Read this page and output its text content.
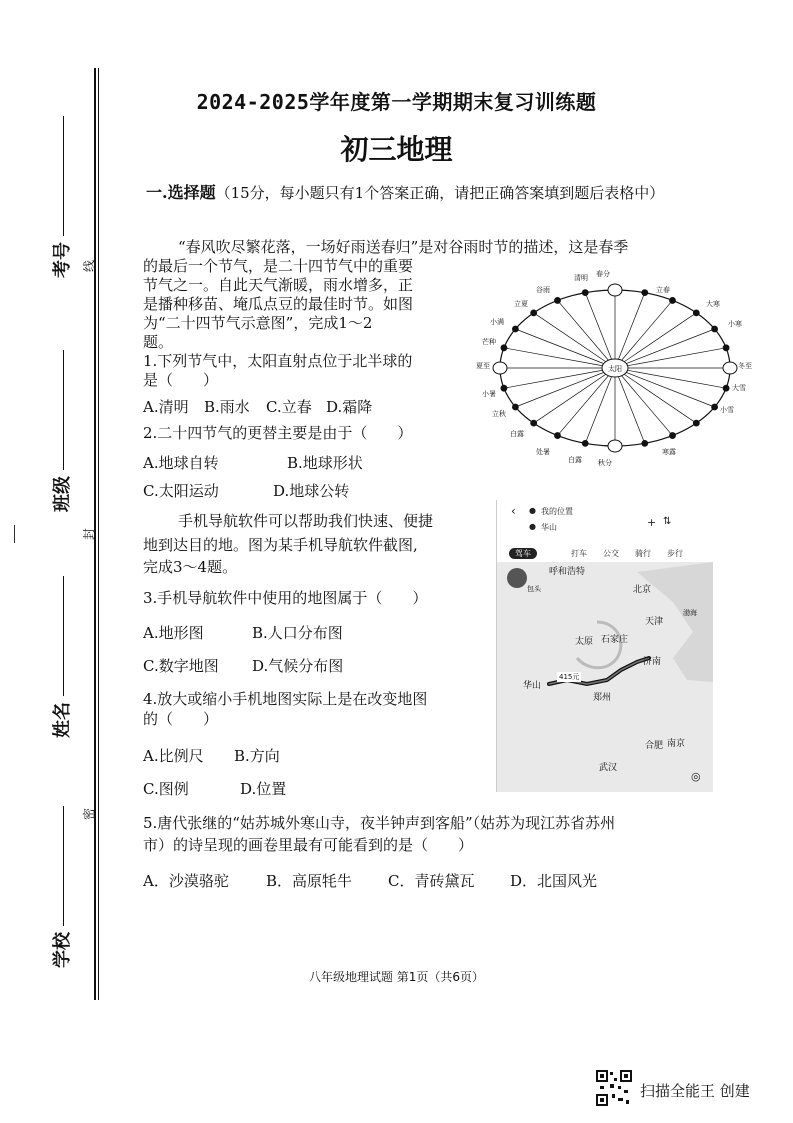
考号 线
班级
封
姓名
密
学校
2024-2025学年度第一学期期末复习训练题
初三地理
一.选择题（15分，每小题只有1个答案正确，请把正确答案填到题后表格中）
“春风吹尽繁花落，一场好雨送春归”是对谷雨时节的描述，这是春季
的最后一个节气，是二十四节气中的重要
节气之一。自此天气渐暖，雨水增多，正
是播种移苗、埯瓜点豆的最佳时节。如图
为“二十四节气示意图”，完成1～2
题。
1.下列节气中，太阳直射点位于北半球的
是（　　）
A.清明 B.雨水 C.立春 D.霜降
2.二十四节气的更替主要是由于（　　）
A.地球自转	B.地球形状
C.太阳运动	D.地球公转
手机导航软件可以帮助我们快速、便捷
地到达目的地。图为某手机导航软件截图,
完成3～4题。
3.手机导航软件中使用的地图属于（　　）
A.地形图	B.人口分布图
C.数字地图 D.气候分布图
4.放大或缩小手机地图实际上是在改变地图
的（　　）
A.比例尺 B.方向
C.图例	D.位置
5.唐代张继的“姑苏城外寒山寺，夜半钟声到客船”（姑苏为现江苏省苏州
市）的诗呈现的画卷里最有可能看到的是（　　）
A．沙漠骆驼 B．高原牦牛 C．青砖黛瓦 D．北国风光
太阳
清明 春分
谷雨
立夏
小满
芒种
夏至
小暑
立秋
白露
处暑
白露 秋分
寒露
立春
大寒
小寒
冬至
大雪
小雪
‹ ● 我的位置
● 华山	+ ⇅
驾车	打车 公交 骑行 步行
呼和浩特
北京
包头
天津
渤海
太原 石家庄
济南
华山
415元
郑州
合肥 南京
武汉
◎
八年级地理试题 第1页（共6页）
扫描全能王 创建
